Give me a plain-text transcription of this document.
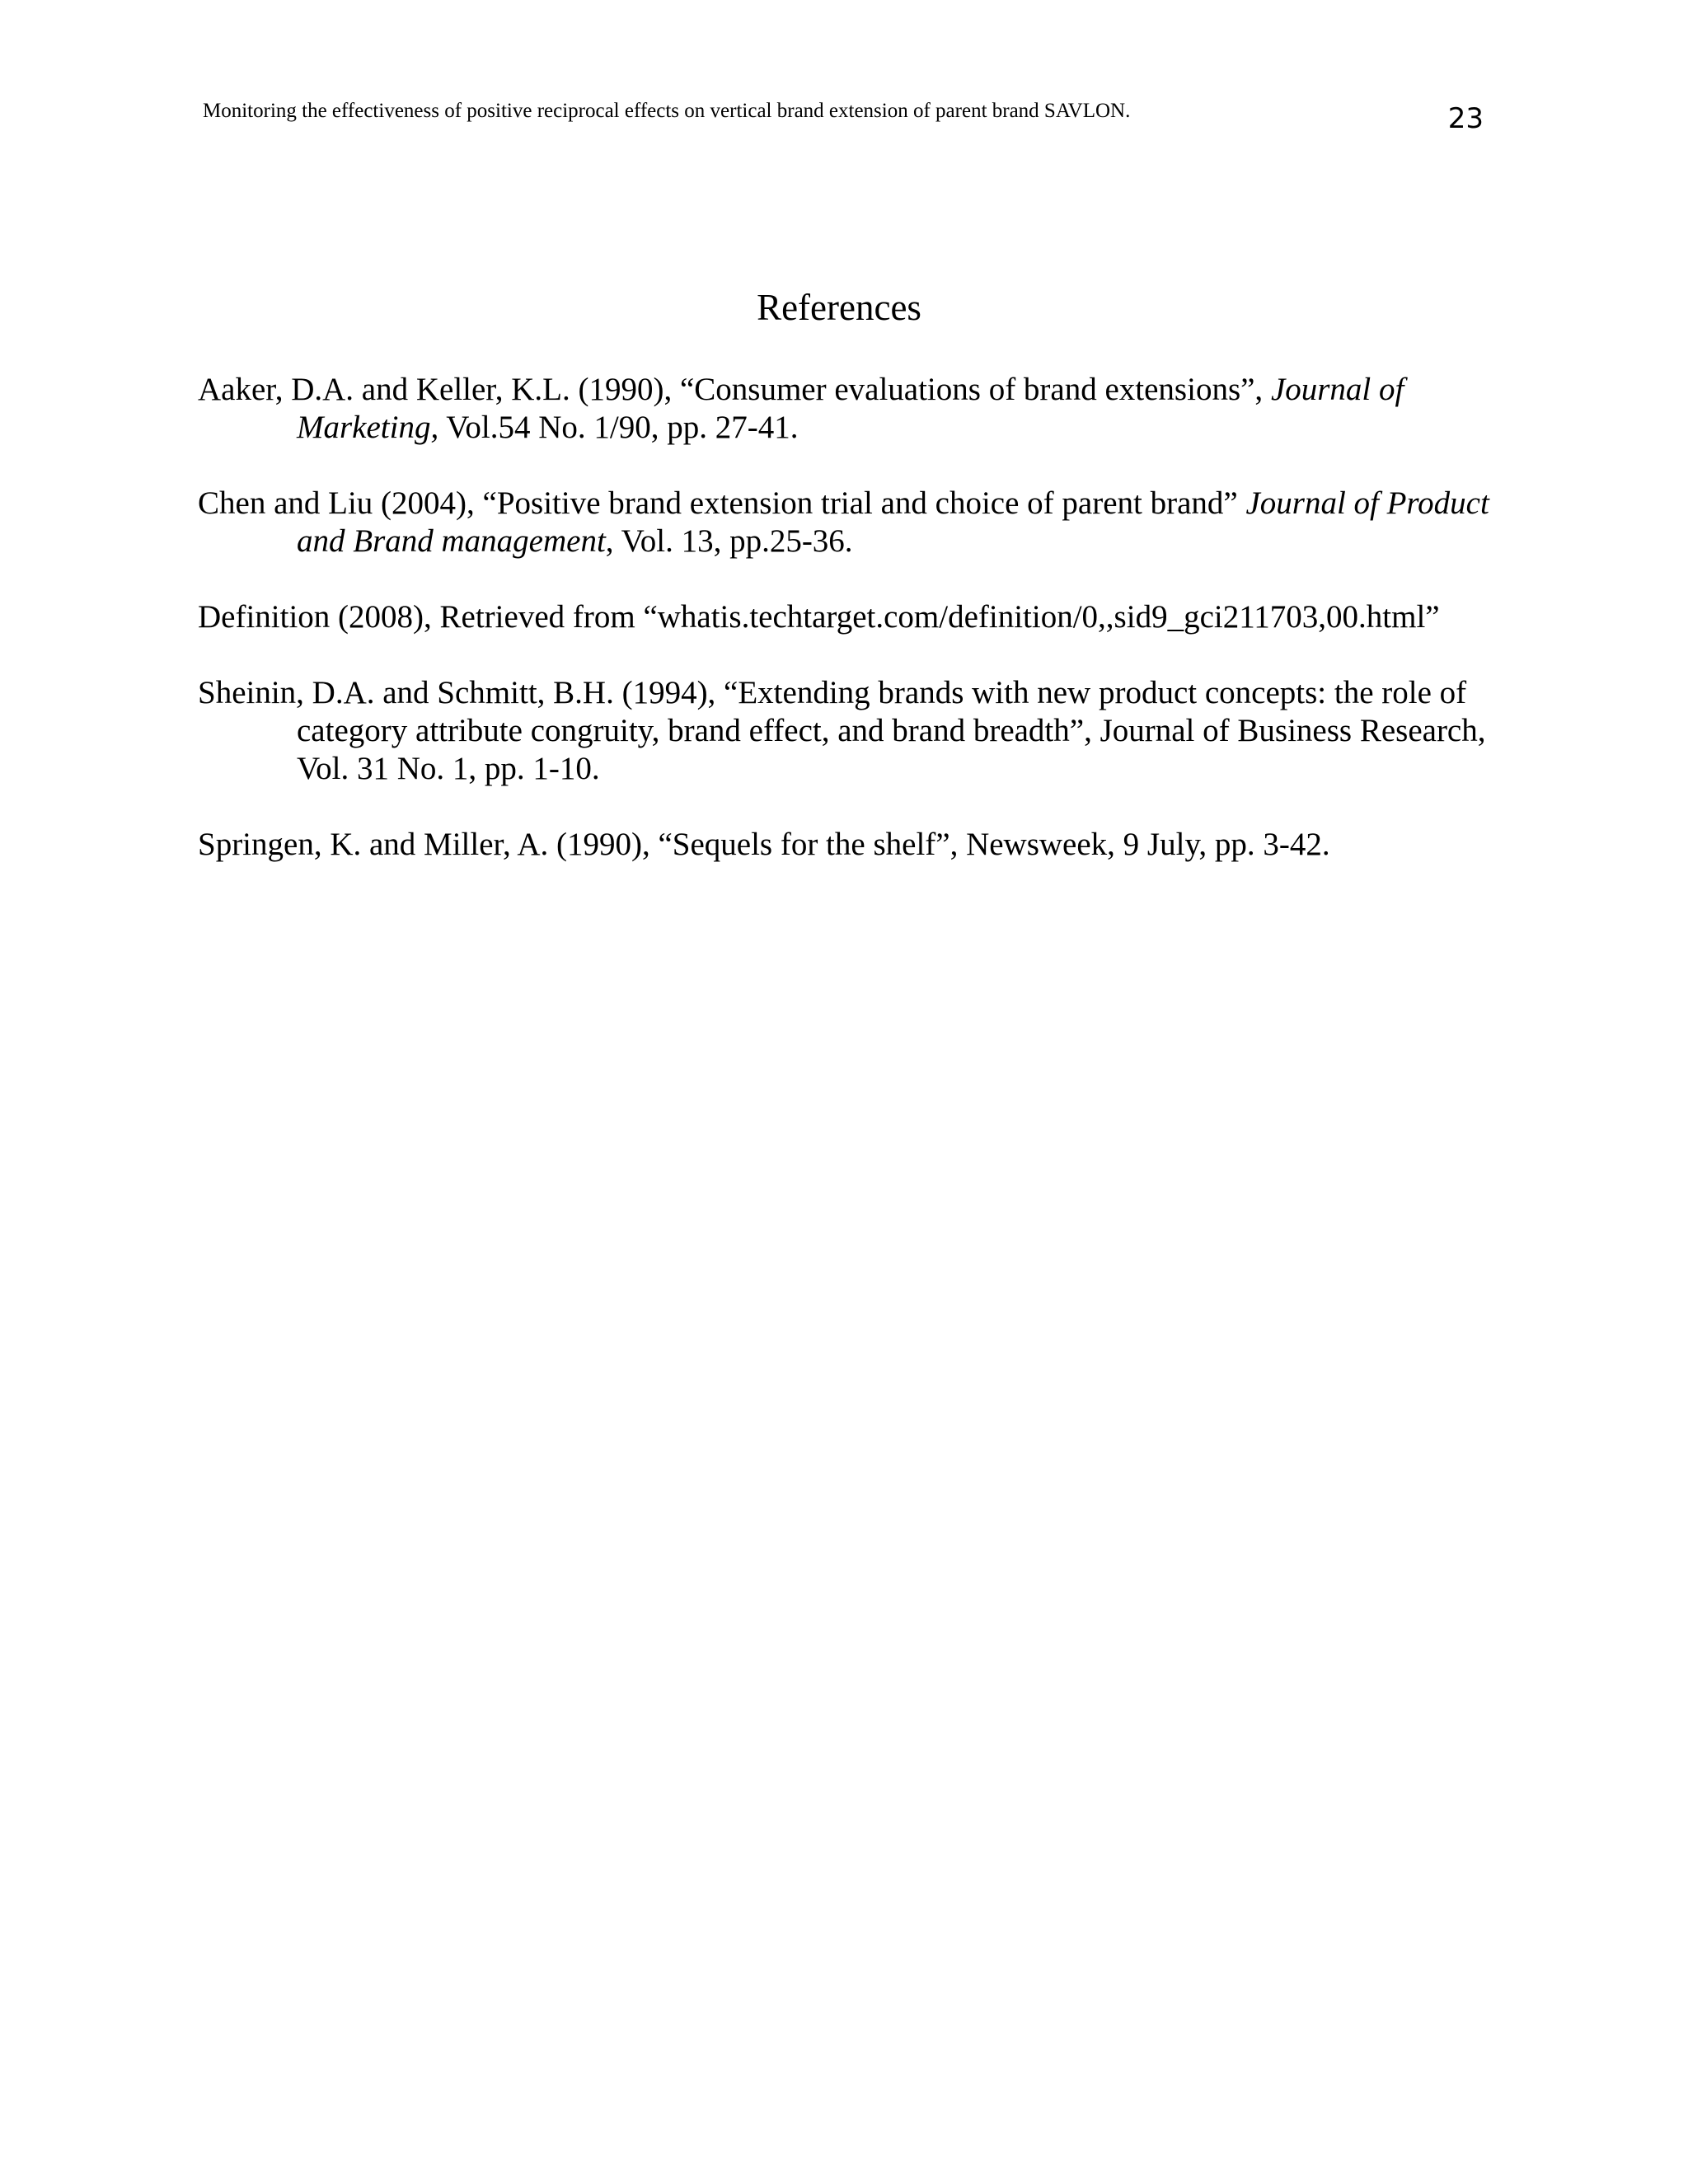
Monitoring the effectiveness of positive reciprocal effects on vertical brand extension of parent brand SAVLON.	23
References

Aaker, D.A. and Keller, K.L. (1990), “Consumer evaluations of brand extensions”, Journal of Marketing, Vol.54 No. 1/90, pp. 27-41.

Chen and Liu (2004), “Positive brand extension trial and choice of parent brand” Journal of Product and Brand management, Vol. 13, pp.25-36.

Definition (2008), Retrieved from “whatis.techtarget.com/definition/0,,sid9_gci211703,00.html”

Sheinin, D.A. and Schmitt, B.H. (1994), “Extending brands with new product concepts: the role of category attribute congruity, brand effect, and brand breadth”, Journal of Business Research, Vol. 31 No. 1, pp. 1-10.

Springen, K. and Miller, A. (1990), “Sequels for the shelf”, Newsweek, 9 July, pp. 3-42.
